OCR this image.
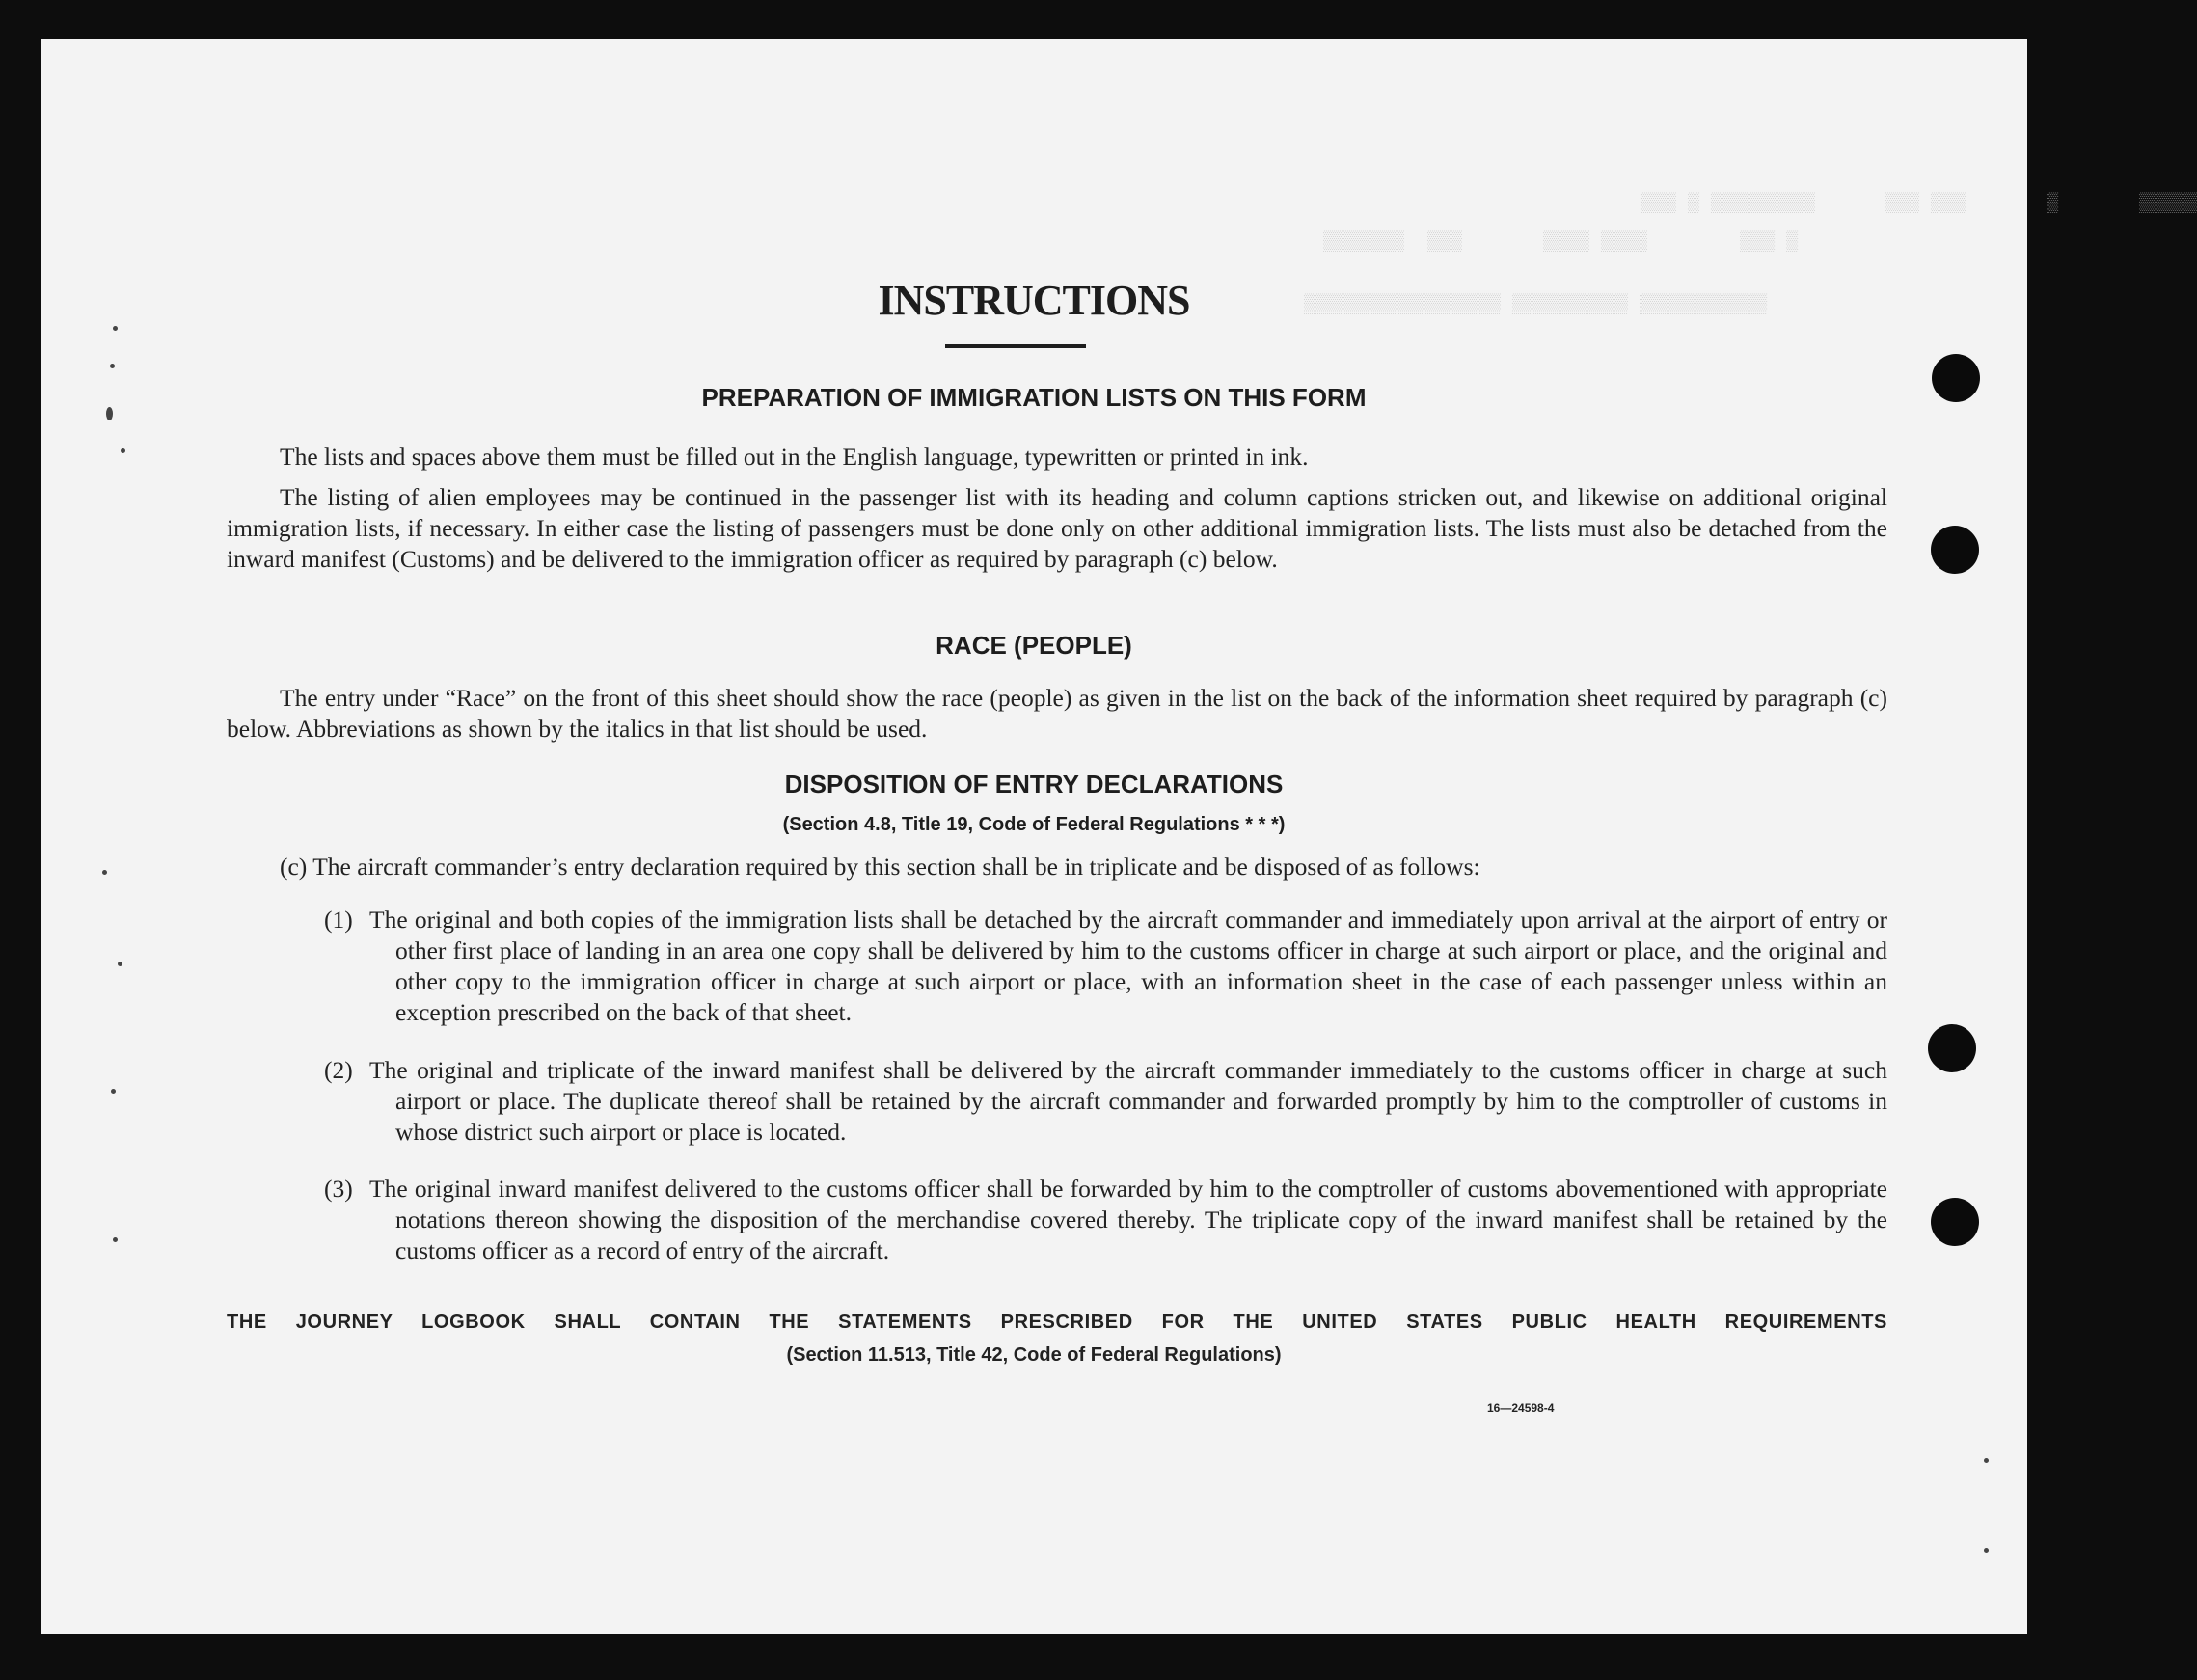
▒▒▒ ▒ ▒▒▒▒▒▒▒▒▒      ▒▒▒ ▒▒▒       ▒       ▒▒▒▒▒
▒▒▒▒▒▒▒  ▒▒▒       ▒▒▒▒ ▒▒▒▒        ▒▒▒ ▒
▒▒▒▒▒▒▒▒▒▒▒▒▒▒▒▒▒ ▒▒▒▒▒▒▒▒▒▒ ▒▒▒▒▒▒▒▒▒▒▒
INSTRUCTIONS
PREPARATION OF IMMIGRATION LISTS ON THIS FORM

The lists and spaces above them must be filled out in the English language, typewritten or printed in ink.

The listing of alien employees may be continued in the passenger list with its heading and column captions stricken out, and likewise on additional original immigration lists, if necessary. In either case the listing of passengers must be done only on other additional immigration lists. The lists must also be detached from the inward manifest (Customs) and be delivered to the immigration officer as required by paragraph (c) below.

RACE (PEOPLE)

The entry under “Race” on the front of this sheet should show the race (people) as given in the list on the back of the information sheet required by paragraph (c) below. Abbreviations as shown by the italics in that list should be used.

DISPOSITION OF ENTRY DECLARATIONS
(Section 4.8, Title 19, Code of Federal Regulations * * *)

(c) The aircraft commander’s entry declaration required by this section shall be in triplicate and be disposed of as follows:

(1) The original and both copies of the immigration lists shall be detached by the aircraft commander and immediately upon arrival at the airport of entry or other first place of landing in an area one copy shall be delivered by him to the customs officer in charge at such airport or place, and the original and other copy to the immigration officer in charge at such airport or place, with an information sheet in the case of each passenger unless within an exception prescribed on the back of that sheet.

(2) The original and triplicate of the inward manifest shall be delivered by the aircraft commander immediately to the customs officer in charge at such airport or place. The duplicate thereof shall be retained by the aircraft commander and forwarded promptly by him to the comptroller of customs in whose district such airport or place is located.

(3) The original inward manifest delivered to the customs officer shall be forwarded by him to the comptroller of customs abovementioned with appropriate notations thereon showing the disposition of the merchandise covered thereby. The triplicate copy of the inward manifest shall be retained by the customs officer as a record of entry of the aircraft.

THE JOURNEY LOGBOOK SHALL CONTAIN THE STATEMENTS PRESCRIBED FOR THE UNITED STATES PUBLIC HEALTH REQUIREMENTS
(Section 11.513, Title 42, Code of Federal Regulations)
16—24598-4
